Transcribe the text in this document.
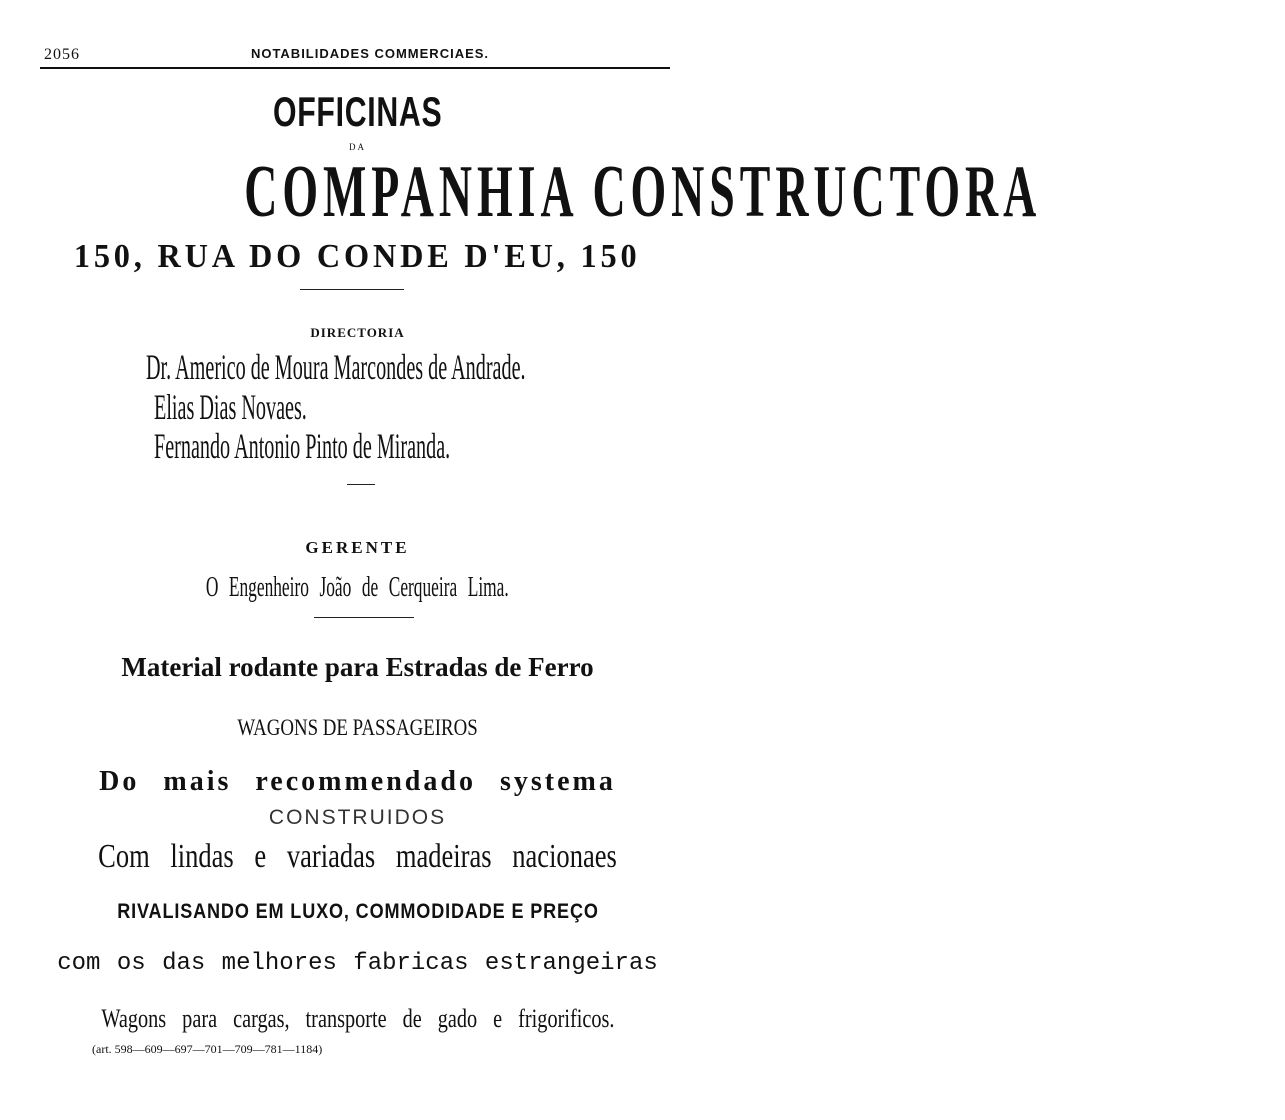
2056	NOTABILIDADES COMMERCIAES.
OFFICINAS
DA
COMPANHIA CONSTRUCTORA
150, RUA DO CONDE D'EU, 150
DIRECTORIA
Dr. Americo de Moura Marcondes de Andrade.
Elias Dias Novaes.
Fernando Antonio Pinto de Miranda.
GERENTE
O Engenheiro João de Cerqueira Lima.
Material rodante para Estradas de Ferro
WAGONS DE PASSAGEIROS
Do mais recommendado systema
CONSTRUIDOS
Com lindas e variadas madeiras nacionaes
RIVALISANDO EM LUXO, COMMODIDADE E PREÇO
com os das melhores fabricas estrangeiras
Wagons para cargas, transporte de gado e frigorificos.
(art. 598—609—697—701—709—781—1184)
